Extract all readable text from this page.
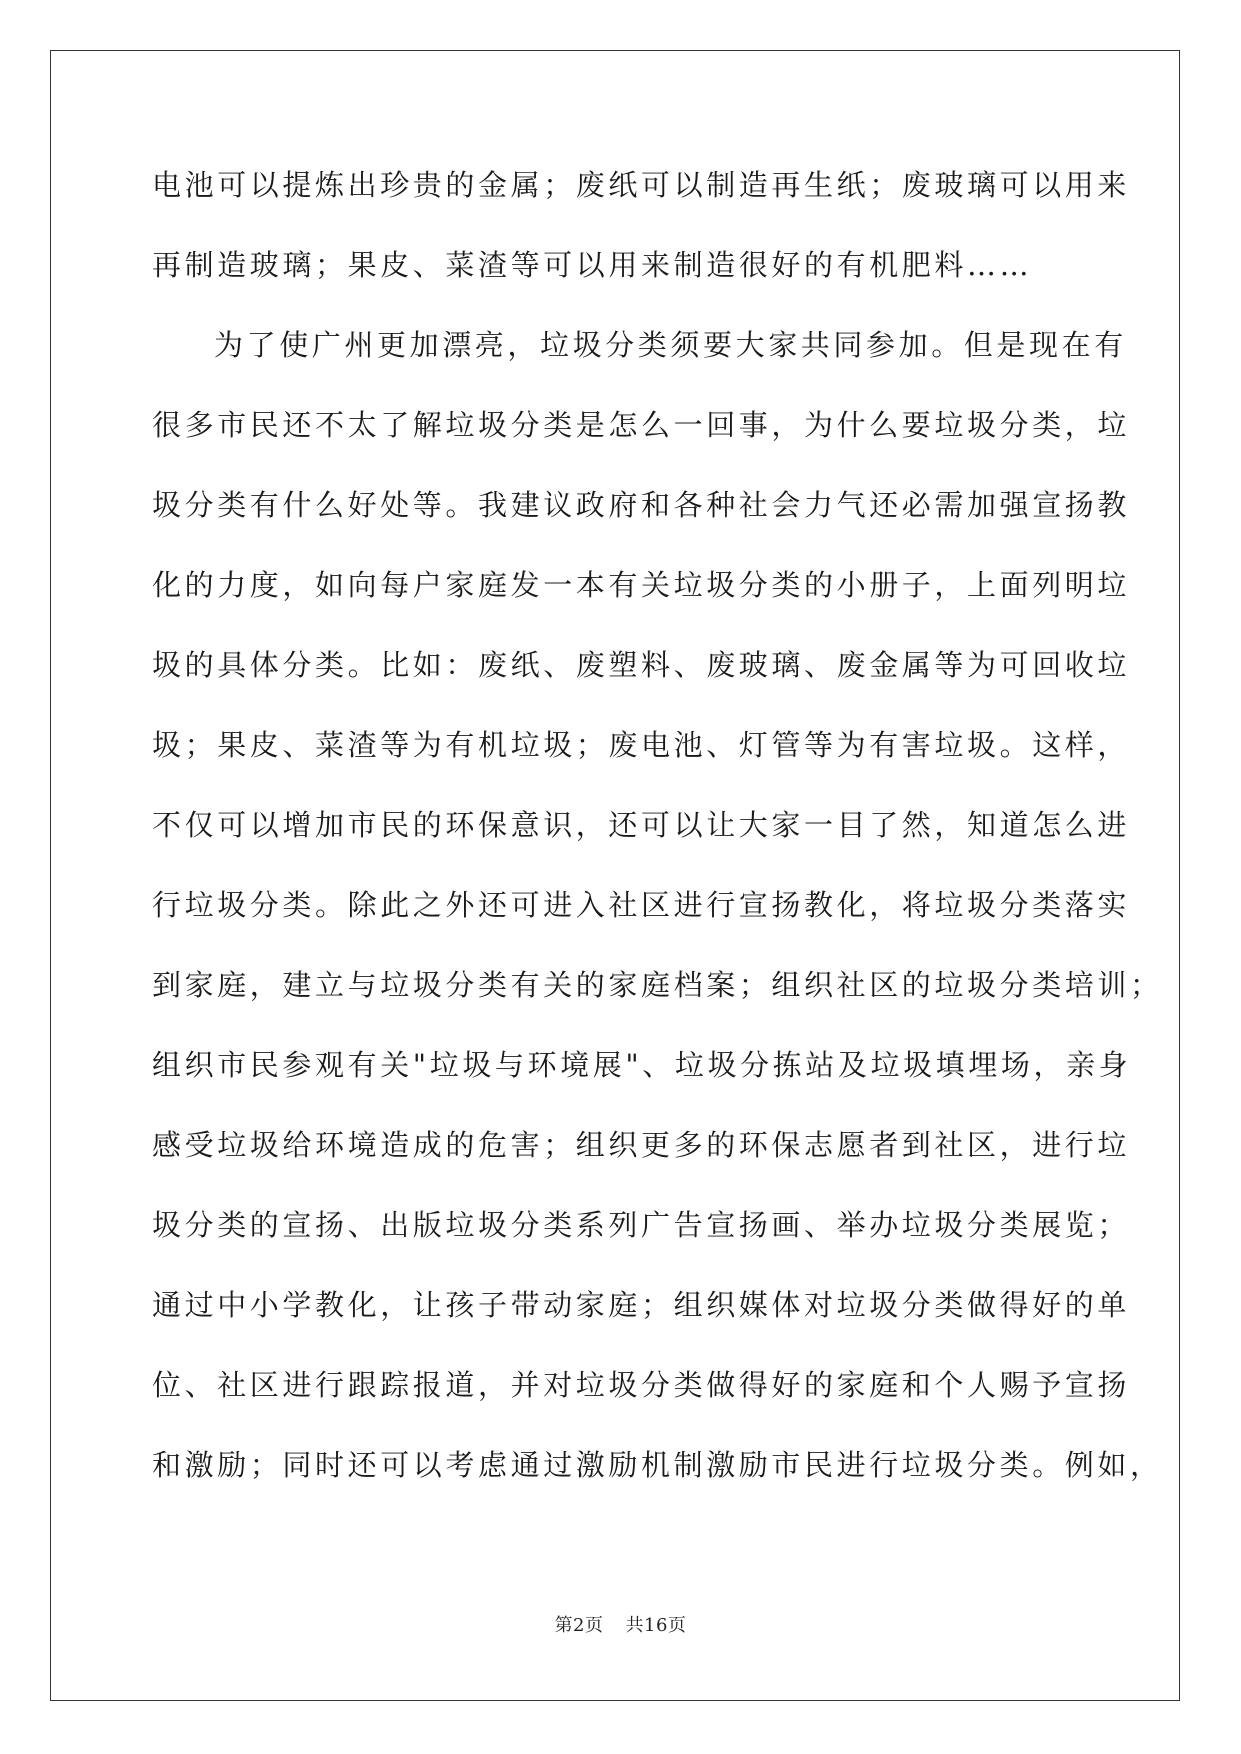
电池可以提炼出珍贵的金属；废纸可以制造再生纸；废玻璃可以用来
再制造玻璃；果皮、菜渣等可以用来制造很好的有机肥料……
为了使广州更加漂亮，垃圾分类须要大家共同参加。但是现在有
很多市民还不太了解垃圾分类是怎么一回事，为什么要垃圾分类，垃
圾分类有什么好处等。我建议政府和各种社会力气还必需加强宣扬教
化的力度，如向每户家庭发一本有关垃圾分类的小册子，上面列明垃
圾的具体分类。比如：废纸、废塑料、废玻璃、废金属等为可回收垃
圾；果皮、菜渣等为有机垃圾；废电池、灯管等为有害垃圾。这样，
不仅可以增加市民的环保意识，还可以让大家一目了然，知道怎么进
行垃圾分类。除此之外还可进入社区进行宣扬教化，将垃圾分类落实
到家庭，建立与垃圾分类有关的家庭档案；组织社区的垃圾分类培训；
组织市民参观有关"垃圾与环境展"、垃圾分拣站及垃圾填埋场，亲身
感受垃圾给环境造成的危害；组织更多的环保志愿者到社区，进行垃
圾分类的宣扬、出版垃圾分类系列广告宣扬画、举办垃圾分类展览；
通过中小学教化，让孩子带动家庭；组织媒体对垃圾分类做得好的单
位、社区进行跟踪报道，并对垃圾分类做得好的家庭和个人赐予宣扬
和激励；同时还可以考虑通过激励机制激励市民进行垃圾分类。例如，
第2页 共16页
